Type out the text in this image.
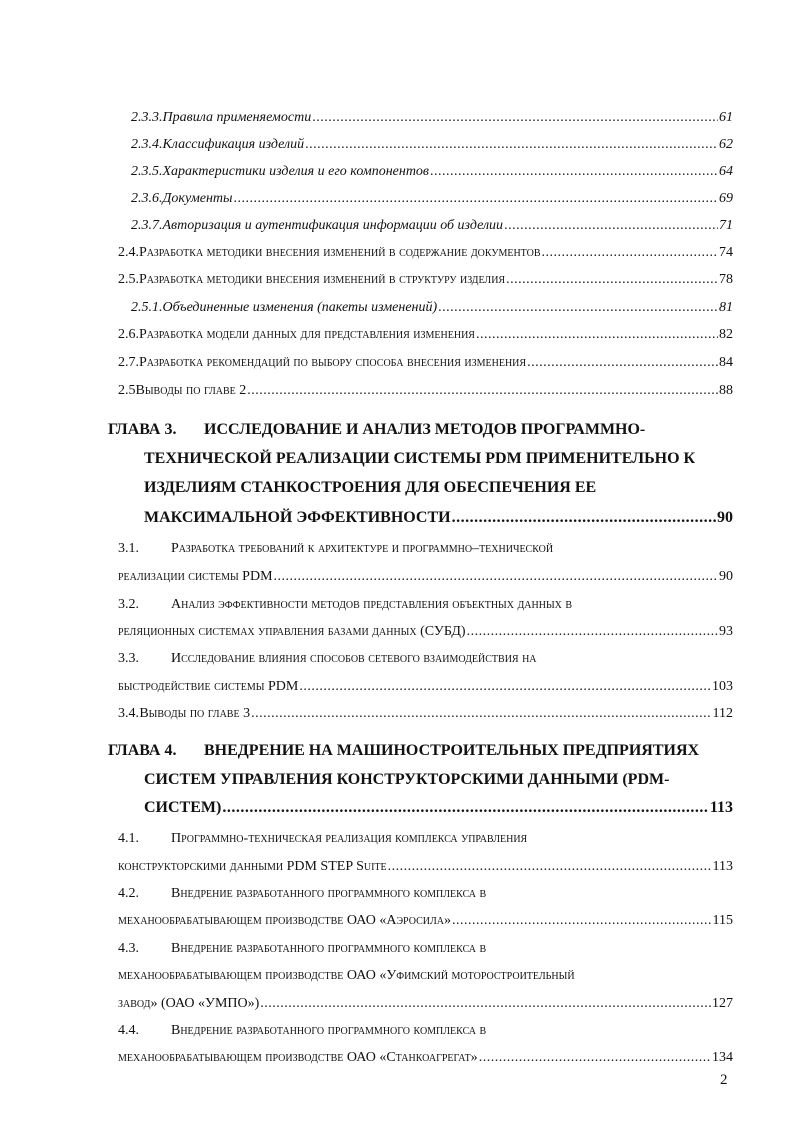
2.3.3. Правила применяемости .....	61
2.3.4. Классификация изделий .....	62
2.3.5. Характеристики изделия и его компонентов .....	64
2.3.6. Документы .....	69
2.3.7. Авторизация и аутентификация информации об изделии .....	71
2.4. Разработка методики внесения изменений в содержание документов .....	74
2.5. Разработка методики внесения изменений в структуру изделия .....	78
2.5.1. Объединенные изменения (пакеты изменений) .....	81
2.6. Разработка модели данных для представления изменения .....	82
2.7. Разработка рекомендаций по выбору способа внесения изменения .....	84
2.5 Выводы по главе 2 .....	88
ГЛАВА 3. ИССЛЕДОВАНИЕ И АНАЛИЗ МЕТОДОВ ПРОГРАММНО-
ТЕХНИЧЕСКОЙ РЕАЛИЗАЦИИ СИСТЕМЫ PDM ПРИМЕНИТЕЛЬНО К
ИЗДЕЛИЯМ СТАНКОСТРОЕНИЯ ДЛЯ ОБЕСПЕЧЕНИЯ ЕЕ
МАКСИМАЛЬНОЙ ЭФФЕКТИВНОСТИ .....	90
3.1.	Разработка требований к архитектуре и программно–технической
реализации системы PDM .....	90
3.2.	Анализ эффективности методов представления объектных данных в
реляционных системах управления базами данных (СУБД) .....	93
3.3.	Исследование влияния способов сетевого взаимодействия на
быстродействие системы PDM .....	103
3.4. Выводы по главе 3 .....	112
ГЛАВА 4. ВНЕДРЕНИЕ НА МАШИНОСТРОИТЕЛЬНЫХ ПРЕДПРИЯТИЯХ
СИСТЕМ УПРАВЛЕНИЯ КОНСТРУКТОРСКИМИ ДАННЫМИ (PDM-
СИСТЕМ) .....	113
4.1.	Программно-техническая реализация комплекса управления
конструкторскими данными PDM STEP Suite .....	113
4.2.	Внедрение разработанного программного комплекса в
механообрабатывающем производстве ОАО «Аэросила» .....	115
4.3.	Внедрение разработанного программного комплекса в
механообрабатывающем производстве ОАО «Уфимский моторостроительный
завод» (ОАО «УМПО») .....	127
4.4.	Внедрение разработанного программного комплекса в
механообрабатывающем производстве ОАО «Станкоагрегат» .....	134
2
